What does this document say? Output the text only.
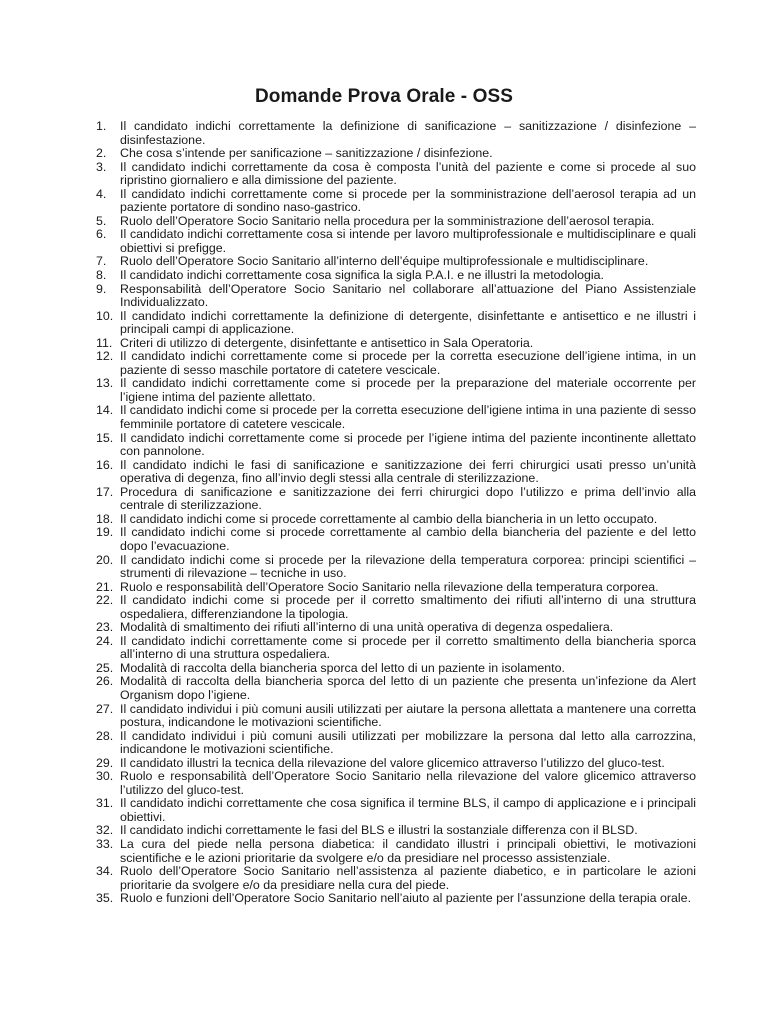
Domande Prova Orale - OSS
1. Il candidato indichi correttamente la definizione di sanificazione – sanitizzazione / disinfezione – disinfestazione.
2. Che cosa s’intende per sanificazione – sanitizzazione / disinfezione.
3. Il candidato indichi correttamente da cosa è composta l’unità del paziente e come si procede al suo ripristino giornaliero e alla dimissione del paziente.
4. Il candidato indichi correttamente come si procede per la somministrazione dell’aerosol terapia ad un paziente portatore di sondino naso-gastrico.
5. Ruolo dell’Operatore Socio Sanitario nella procedura per la somministrazione dell’aerosol terapia.
6. Il candidato indichi correttamente cosa si intende per lavoro multiprofessionale e multidisciplinare e quali obiettivi si prefigge.
7. Ruolo dell’Operatore Socio Sanitario all’interno dell’équipe multiprofessionale e multidisciplinare.
8. Il candidato indichi correttamente cosa significa la sigla P.A.I. e ne illustri la metodologia.
9. Responsabilità dell’Operatore Socio Sanitario nel collaborare all’attuazione del Piano Assistenziale Individualizzato.
10. Il candidato indichi correttamente la definizione di detergente, disinfettante e antisettico e ne illustri i principali campi di applicazione.
11. Criteri di utilizzo di detergente, disinfettante e antisettico in Sala Operatoria.
12. Il candidato indichi correttamente come si procede per la corretta esecuzione dell’igiene intima, in un paziente di sesso maschile portatore di catetere vescicale.
13. Il candidato indichi correttamente come si procede per la preparazione del materiale occorrente per l’igiene intima del paziente allettato.
14. Il candidato indichi come si procede per la corretta esecuzione dell’igiene intima in una paziente di sesso femminile portatore di catetere vescicale.
15. Il candidato indichi correttamente come si procede per l’igiene intima del paziente incontinente allettato con pannolone.
16. Il candidato indichi le fasi di sanificazione e sanitizzazione dei ferri chirurgici usati presso un’unità operativa di degenza, fino all’invio degli stessi alla centrale di sterilizzazione.
17. Procedura di sanificazione e sanitizzazione dei ferri chirurgici dopo l’utilizzo e prima dell’invio alla centrale di sterilizzazione.
18. Il candidato indichi come si procede correttamente al cambio della biancheria in un letto occupato.
19. Il candidato indichi come si procede correttamente al cambio della biancheria del paziente e del letto dopo l’evacuazione.
20. Il candidato indichi come si procede per la rilevazione della temperatura corporea: principi scientifici – strumenti di rilevazione – tecniche in uso.
21. Ruolo e responsabilità dell’Operatore Socio Sanitario nella rilevazione della temperatura corporea.
22. Il candidato indichi come si procede per il corretto smaltimento dei rifiuti all’interno di una struttura ospedaliera, differenziandone la tipologia.
23. Modalità di smaltimento dei rifiuti all’interno di una unità operativa di degenza ospedaliera.
24. Il candidato indichi correttamente come si procede per il corretto smaltimento della biancheria sporca all’interno di una struttura ospedaliera.
25. Modalità di raccolta della biancheria sporca del letto di un paziente in isolamento.
26. Modalità di raccolta della biancheria sporca del letto di un paziente che presenta un’infezione da Alert Organism dopo l’igiene.
27. Il candidato individui i più comuni ausili utilizzati per aiutare la persona allettata a mantenere una corretta postura, indicandone le motivazioni scientifiche.
28. Il candidato individui i più comuni ausili utilizzati per mobilizzare la persona dal letto alla carrozzina, indicandone le motivazioni scientifiche.
29. Il candidato illustri la tecnica della rilevazione del valore glicemico attraverso l’utilizzo del gluco-test.
30. Ruolo e responsabilità dell’Operatore Socio Sanitario nella rilevazione del valore glicemico attraverso l’utilizzo del gluco-test.
31. Il candidato indichi correttamente che cosa significa il termine BLS, il campo di applicazione e i principali obiettivi.
32. Il candidato indichi correttamente le fasi del BLS e illustri la sostanziale differenza con il BLSD.
33. La cura del piede nella persona diabetica: il candidato illustri i principali obiettivi, le motivazioni scientifiche e le azioni prioritarie da svolgere e/o da presidiare nel processo assistenziale.
34. Ruolo dell’Operatore Socio Sanitario nell’assistenza al paziente diabetico, e in particolare le azioni prioritarie da svolgere e/o da presidiare nella cura del piede.
35. Ruolo e funzioni dell’Operatore Socio Sanitario nell’aiuto al paziente per l’assunzione della terapia orale.
